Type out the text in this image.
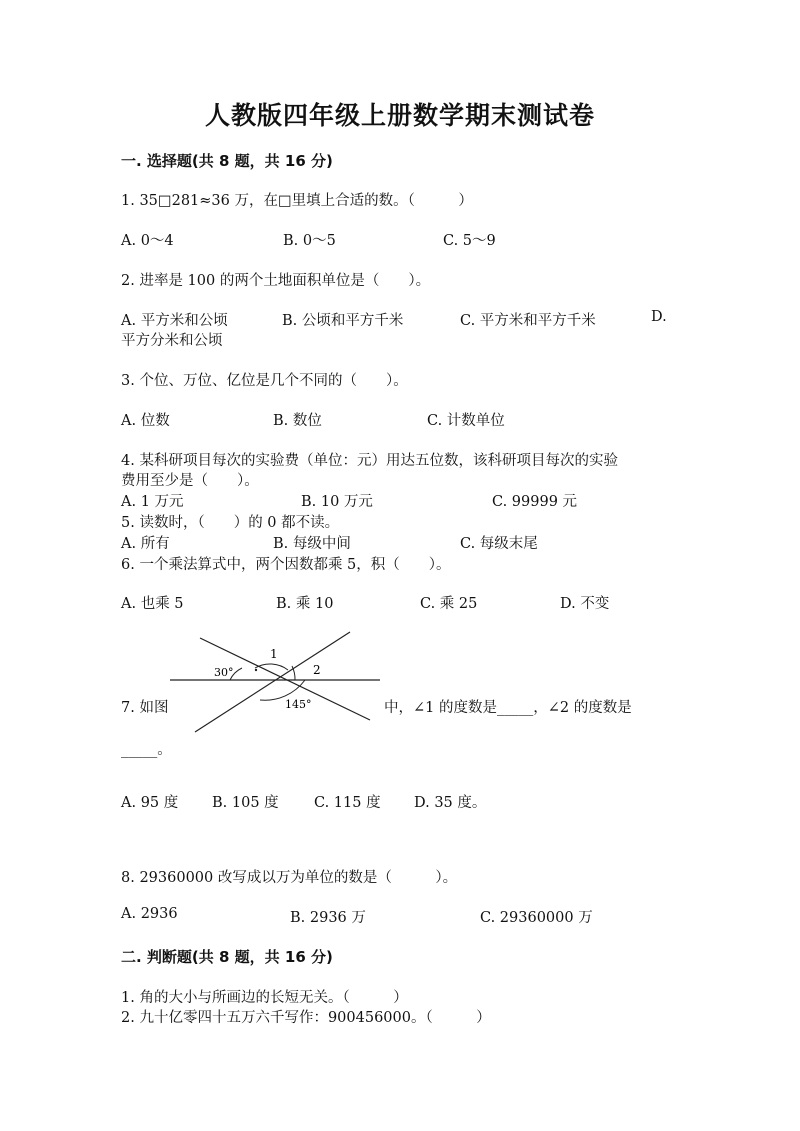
人教版四年级上册数学期末测试卷
一. 选择题(共 8 题，共 16 分)
1. 35□281≈36 万，在□里填上合适的数。（　　　）
A. 0～4	B. 0～5	C. 5～9
2. 进率是 100 的两个土地面积单位是（　　）。
A. 平方米和公顷	B. 公顷和平方千米	C. 平方米和平方千米	D.
平方分米和公顷
3. 个位、万位、亿位是几个不同的（　　）。
A. 位数	B. 数位	C. 计数单位
4. 某科研项目每次的实验费（单位：元）用达五位数，该科研项目每次的实验
费用至少是（　　）。
A. 1 万元	B. 10 万元	C. 99999 元
5. 读数时，（　　）的 0 都不读。
A. 所有	B. 每级中间	C. 每级末尾
6. 一个乘法算式中，两个因数都乘 5，积（　　）。
A. 也乘 5	B. 乘 10	C. 乘 25	D. 不变
1
2
30°
145°
7. 如图	中，∠1 的度数是_____，∠2 的度数是
_____。
A. 95 度 B. 105 度 C. 115 度 D. 35 度。
8. 29360000 改写成以万为单位的数是（　　　）。
A. 2936	B. 2936 万	C. 29360000 万
二. 判断题(共 8 题，共 16 分)
1. 角的大小与所画边的长短无关。（　　　）
2. 九十亿零四十五万六千写作：900456000。（　　　）
